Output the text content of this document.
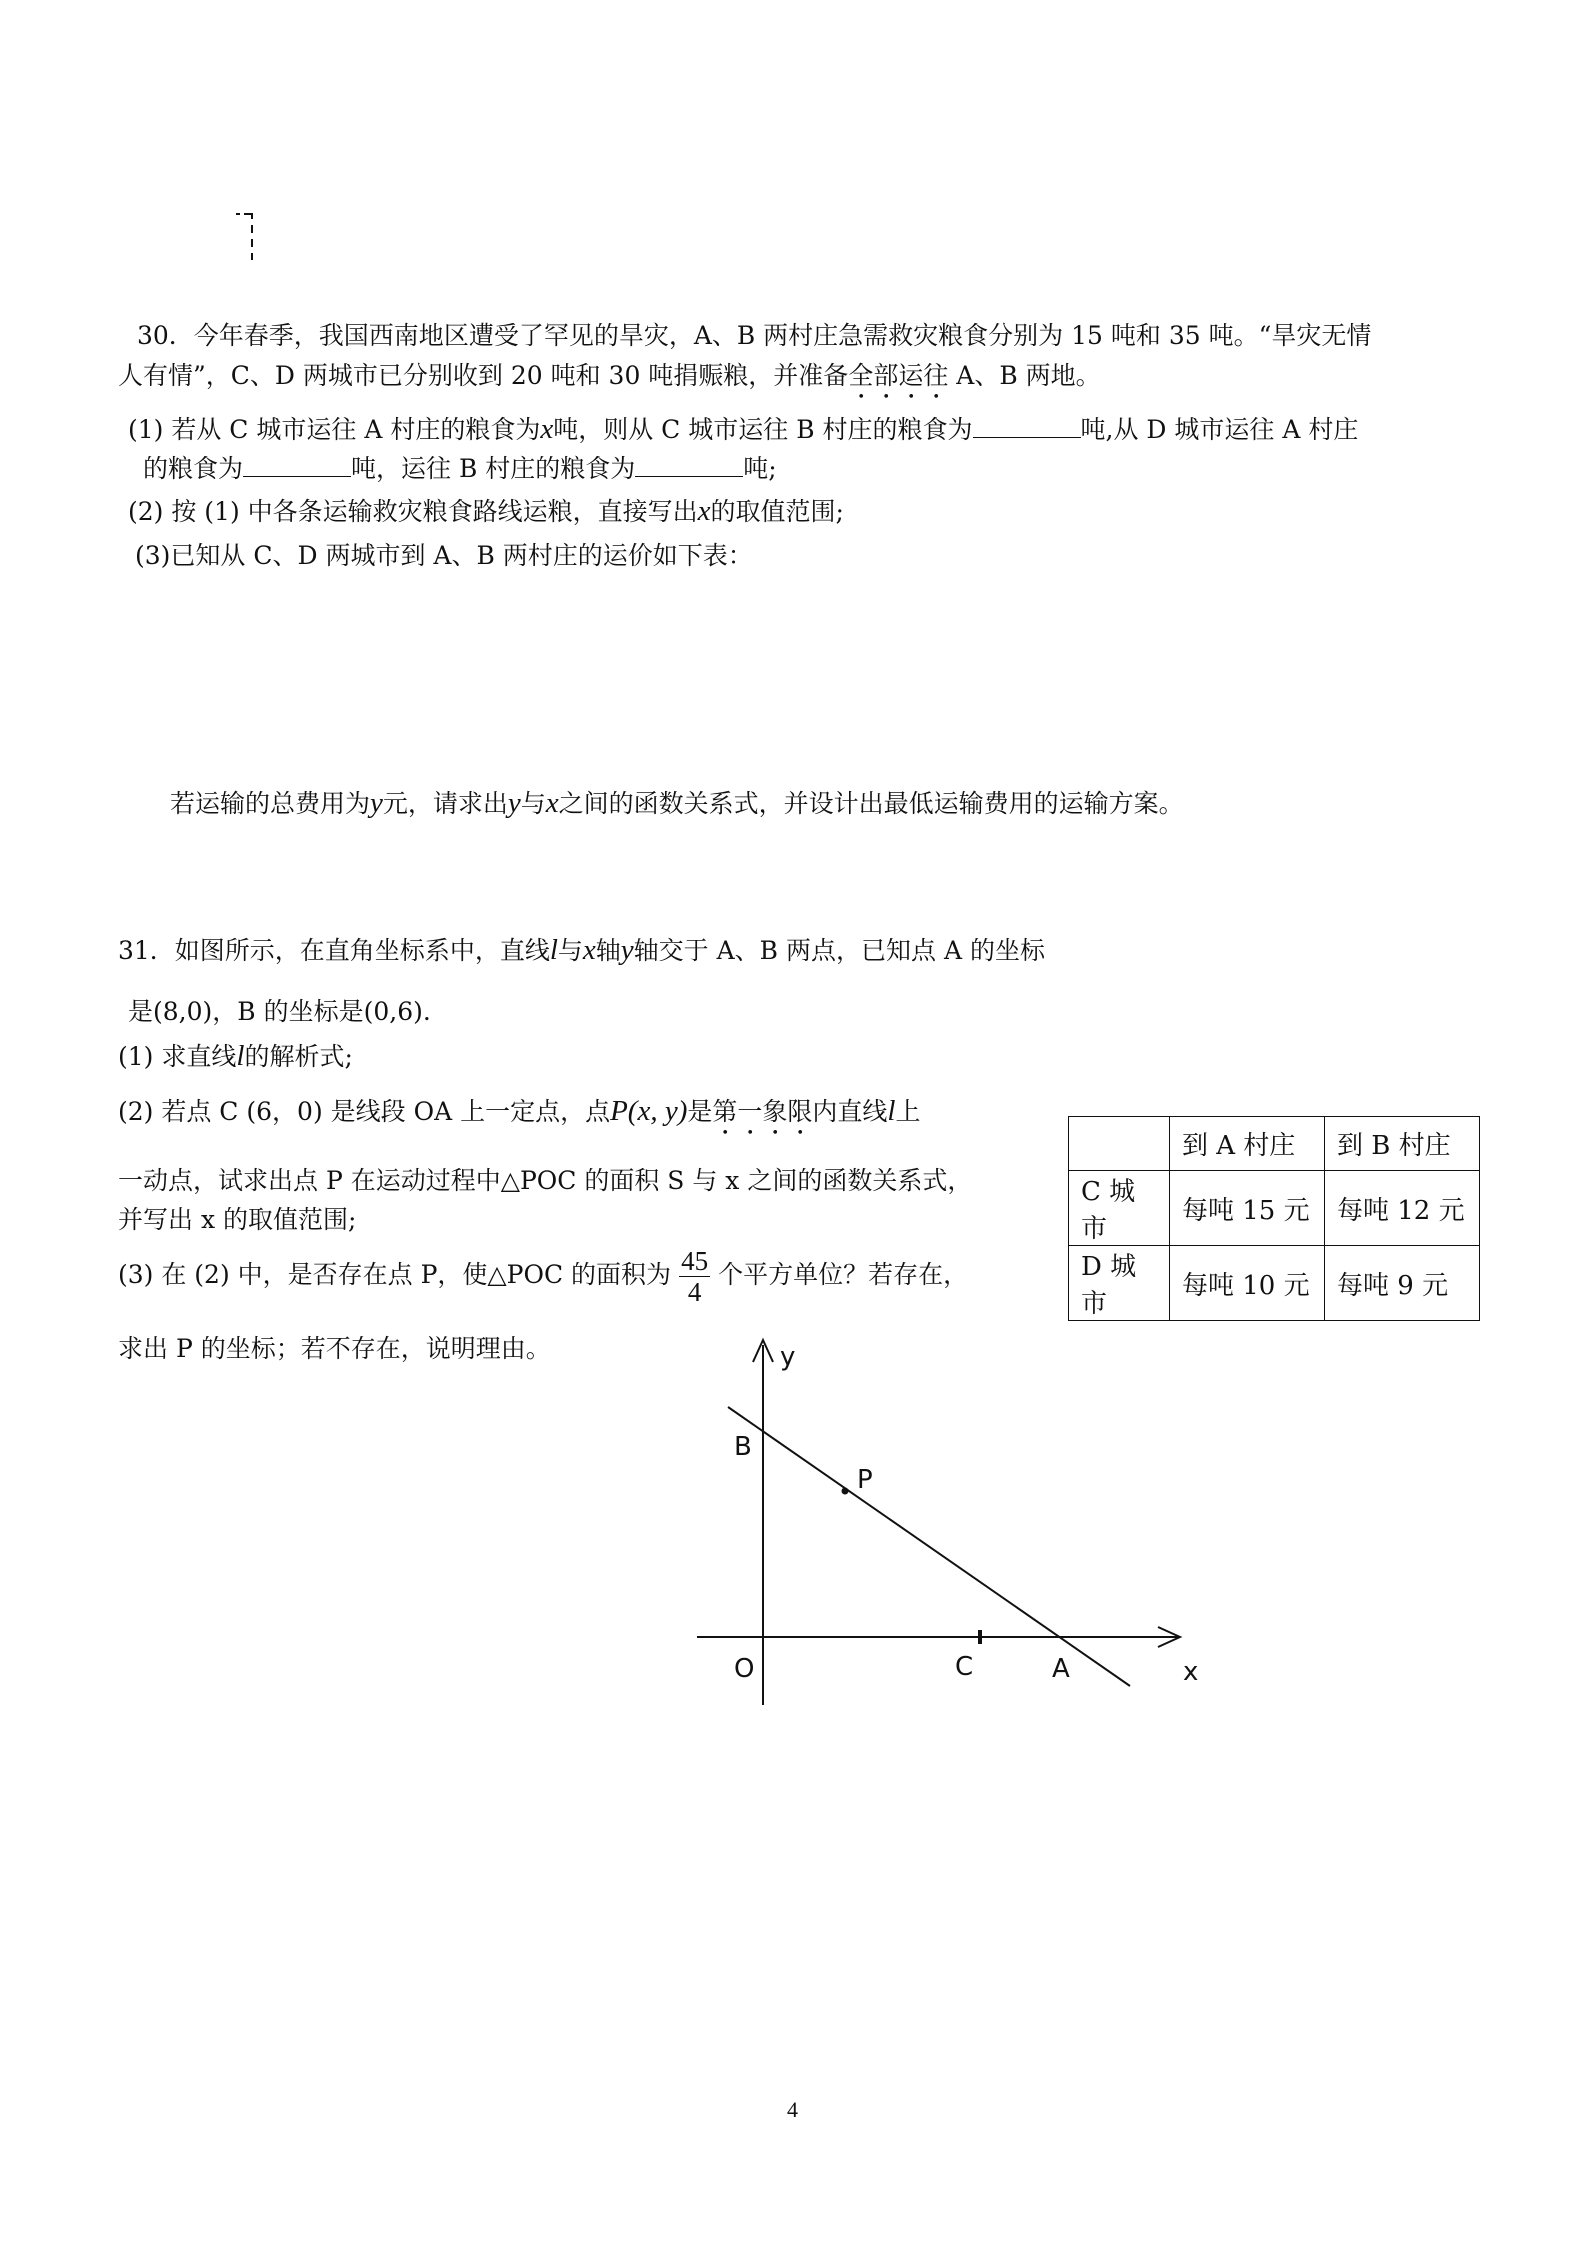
30．今年春季，我国西南地区遭受了罕见的旱灾，A、B 两村庄急需救灾粮食分别为 15 吨和 35 吨。“旱灾无情
人有情”，C、D 两城市已分别收到 20 吨和 30 吨捐赈粮，并准备全部运往 A、B 两地。
(1) 若从 C 城市运往 A 村庄的粮食为x吨，则从 C 城市运往 B 村庄的粮食为	吨,从 D 城市运往 A 村庄
的粮食为	吨，运往 B 村庄的粮食为	吨;
(2) 按 (1) 中各条运输救灾粮食路线运粮，直接写出x的取值范围;
(3)已知从 C、D 两城市到 A、B 两村庄的运价如下表：
若运输的总费用为y元，请求出y与x之间的函数关系式，并设计出最低运输费用的运输方案。
	到 A 村庄	到 B 村庄
C 城市	每吨 15 元	每吨 12 元
D 城市	每吨 10 元	每吨 9 元
31．如图所示，在直角坐标系中，直线l与x轴y轴交于 A、B 两点，已知点 A 的坐标
是(8,0)，B 的坐标是(0,6).
(1) 求直线l的解析式;
(2) 若点 C (6，0) 是线段 OA 上一定点，点P(x, y)是第一象限内直线l上
一动点，试求出点 P 在运动过程中△POC 的面积 S 与 x 之间的函数关系式，
并写出 x 的取值范围;
(3) 在 (2) 中，是否存在点 P，使△POC 的面积为 $\frac{45}{4}$ 个平方单位？若存在，
求出 P 的坐标；若不存在，说明理由。	y
x
B
P
O	C	A
4
